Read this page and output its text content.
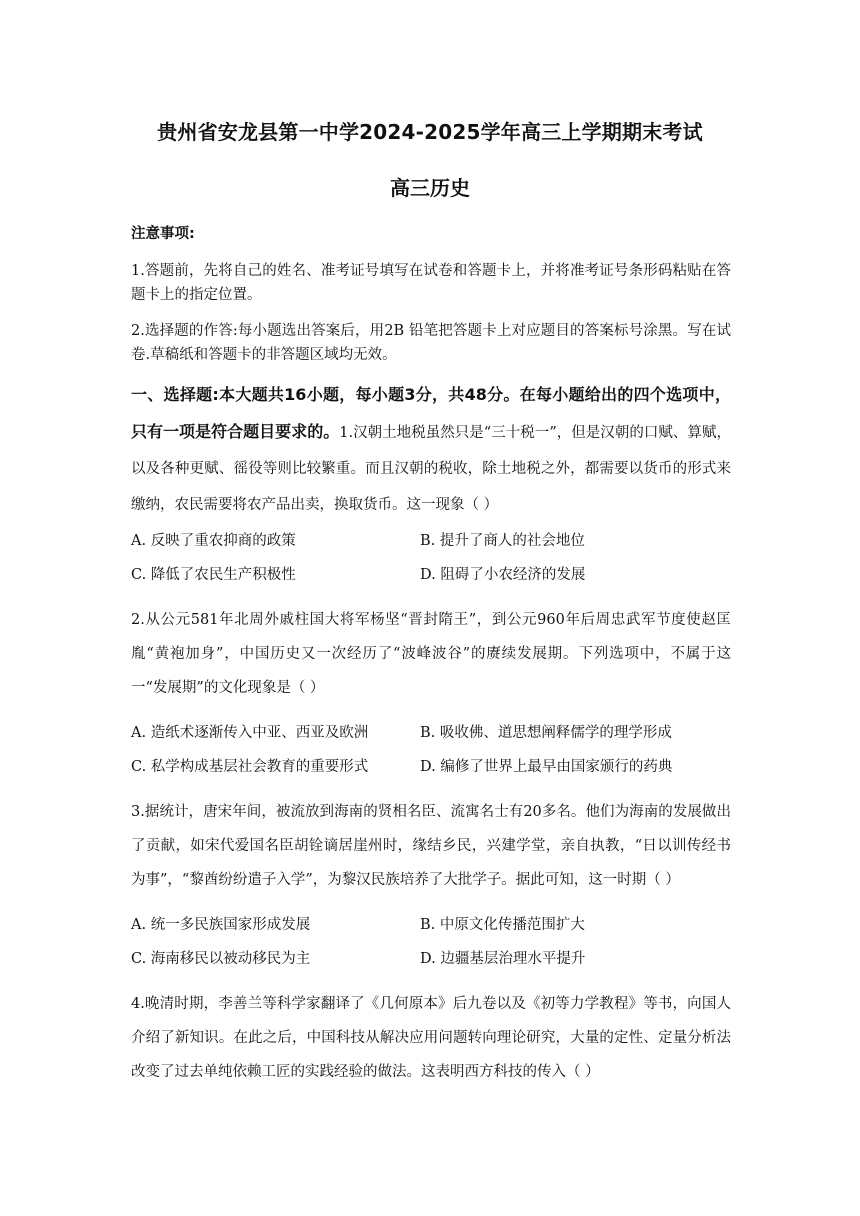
贵州省安龙县第一中学2024-2025学年高三上学期期末考试
高三历史
注意事项:
1.答题前，先将自己的姓名、准考证号填写在试卷和答题卡上，并将准考证号条形码粘贴在答题卡上的指定位置。
2.选择题的作答:每小题选出答案后，用2B 铅笔把答题卡上对应题目的答案标号涂黑。写在试卷.草稿纸和答题卡的非答题区域均无效。
一、选择题:本大题共16小题，每小题3分，共48分。在每小题给出的四个选项中，只有一项是符合题目要求的。1.汉朝土地税虽然只是“三十税一”，但是汉朝的口赋、算赋，以及各种更赋、徭役等则比较繁重。而且汉朝的税收，除土地税之外，都需要以货币的形式来缴纳，农民需要将农产品出卖，换取货币。这一现象（ ）
A. 反映了重农抑商的政策	B. 提升了商人的社会地位
C. 降低了农民生产积极性	D. 阻碍了小农经济的发展
2.从公元581年北周外戚柱国大将军杨坚“晋封隋王”，到公元960年后周忠武军节度使赵匡胤“黄袍加身”，中国历史又一次经历了“波峰波谷”的赓续发展期。下列选项中，不属于这一“发展期”的文化现象是（ ）
A. 造纸术逐渐传入中亚、西亚及欧洲	B. 吸收佛、道思想阐释儒学的理学形成
C. 私学构成基层社会教育的重要形式	D. 编修了世界上最早由国家颁行的药典
3.据统计，唐宋年间，被流放到海南的贤相名臣、流寓名士有20多名。他们为海南的发展做出了贡献，如宋代爱国名臣胡铨谪居崖州时，缘结乡民，兴建学堂，亲自执教，“日以训传经书为事”，“黎酋纷纷遣子入学”，为黎汉民族培养了大批学子。据此可知，这一时期（ ）
A. 统一多民族国家形成发展	B. 中原文化传播范围扩大
C. 海南移民以被动移民为主	D. 边疆基层治理水平提升
4.晚清时期，李善兰等科学家翻译了《几何原本》后九卷以及《初等力学教程》等书，向国人介绍了新知识。在此之后，中国科技从解决应用问题转向理论研究，大量的定性、定量分析法改变了过去单纯依赖工匠的实践经验的做法。这表明西方科技的传入（ ）
